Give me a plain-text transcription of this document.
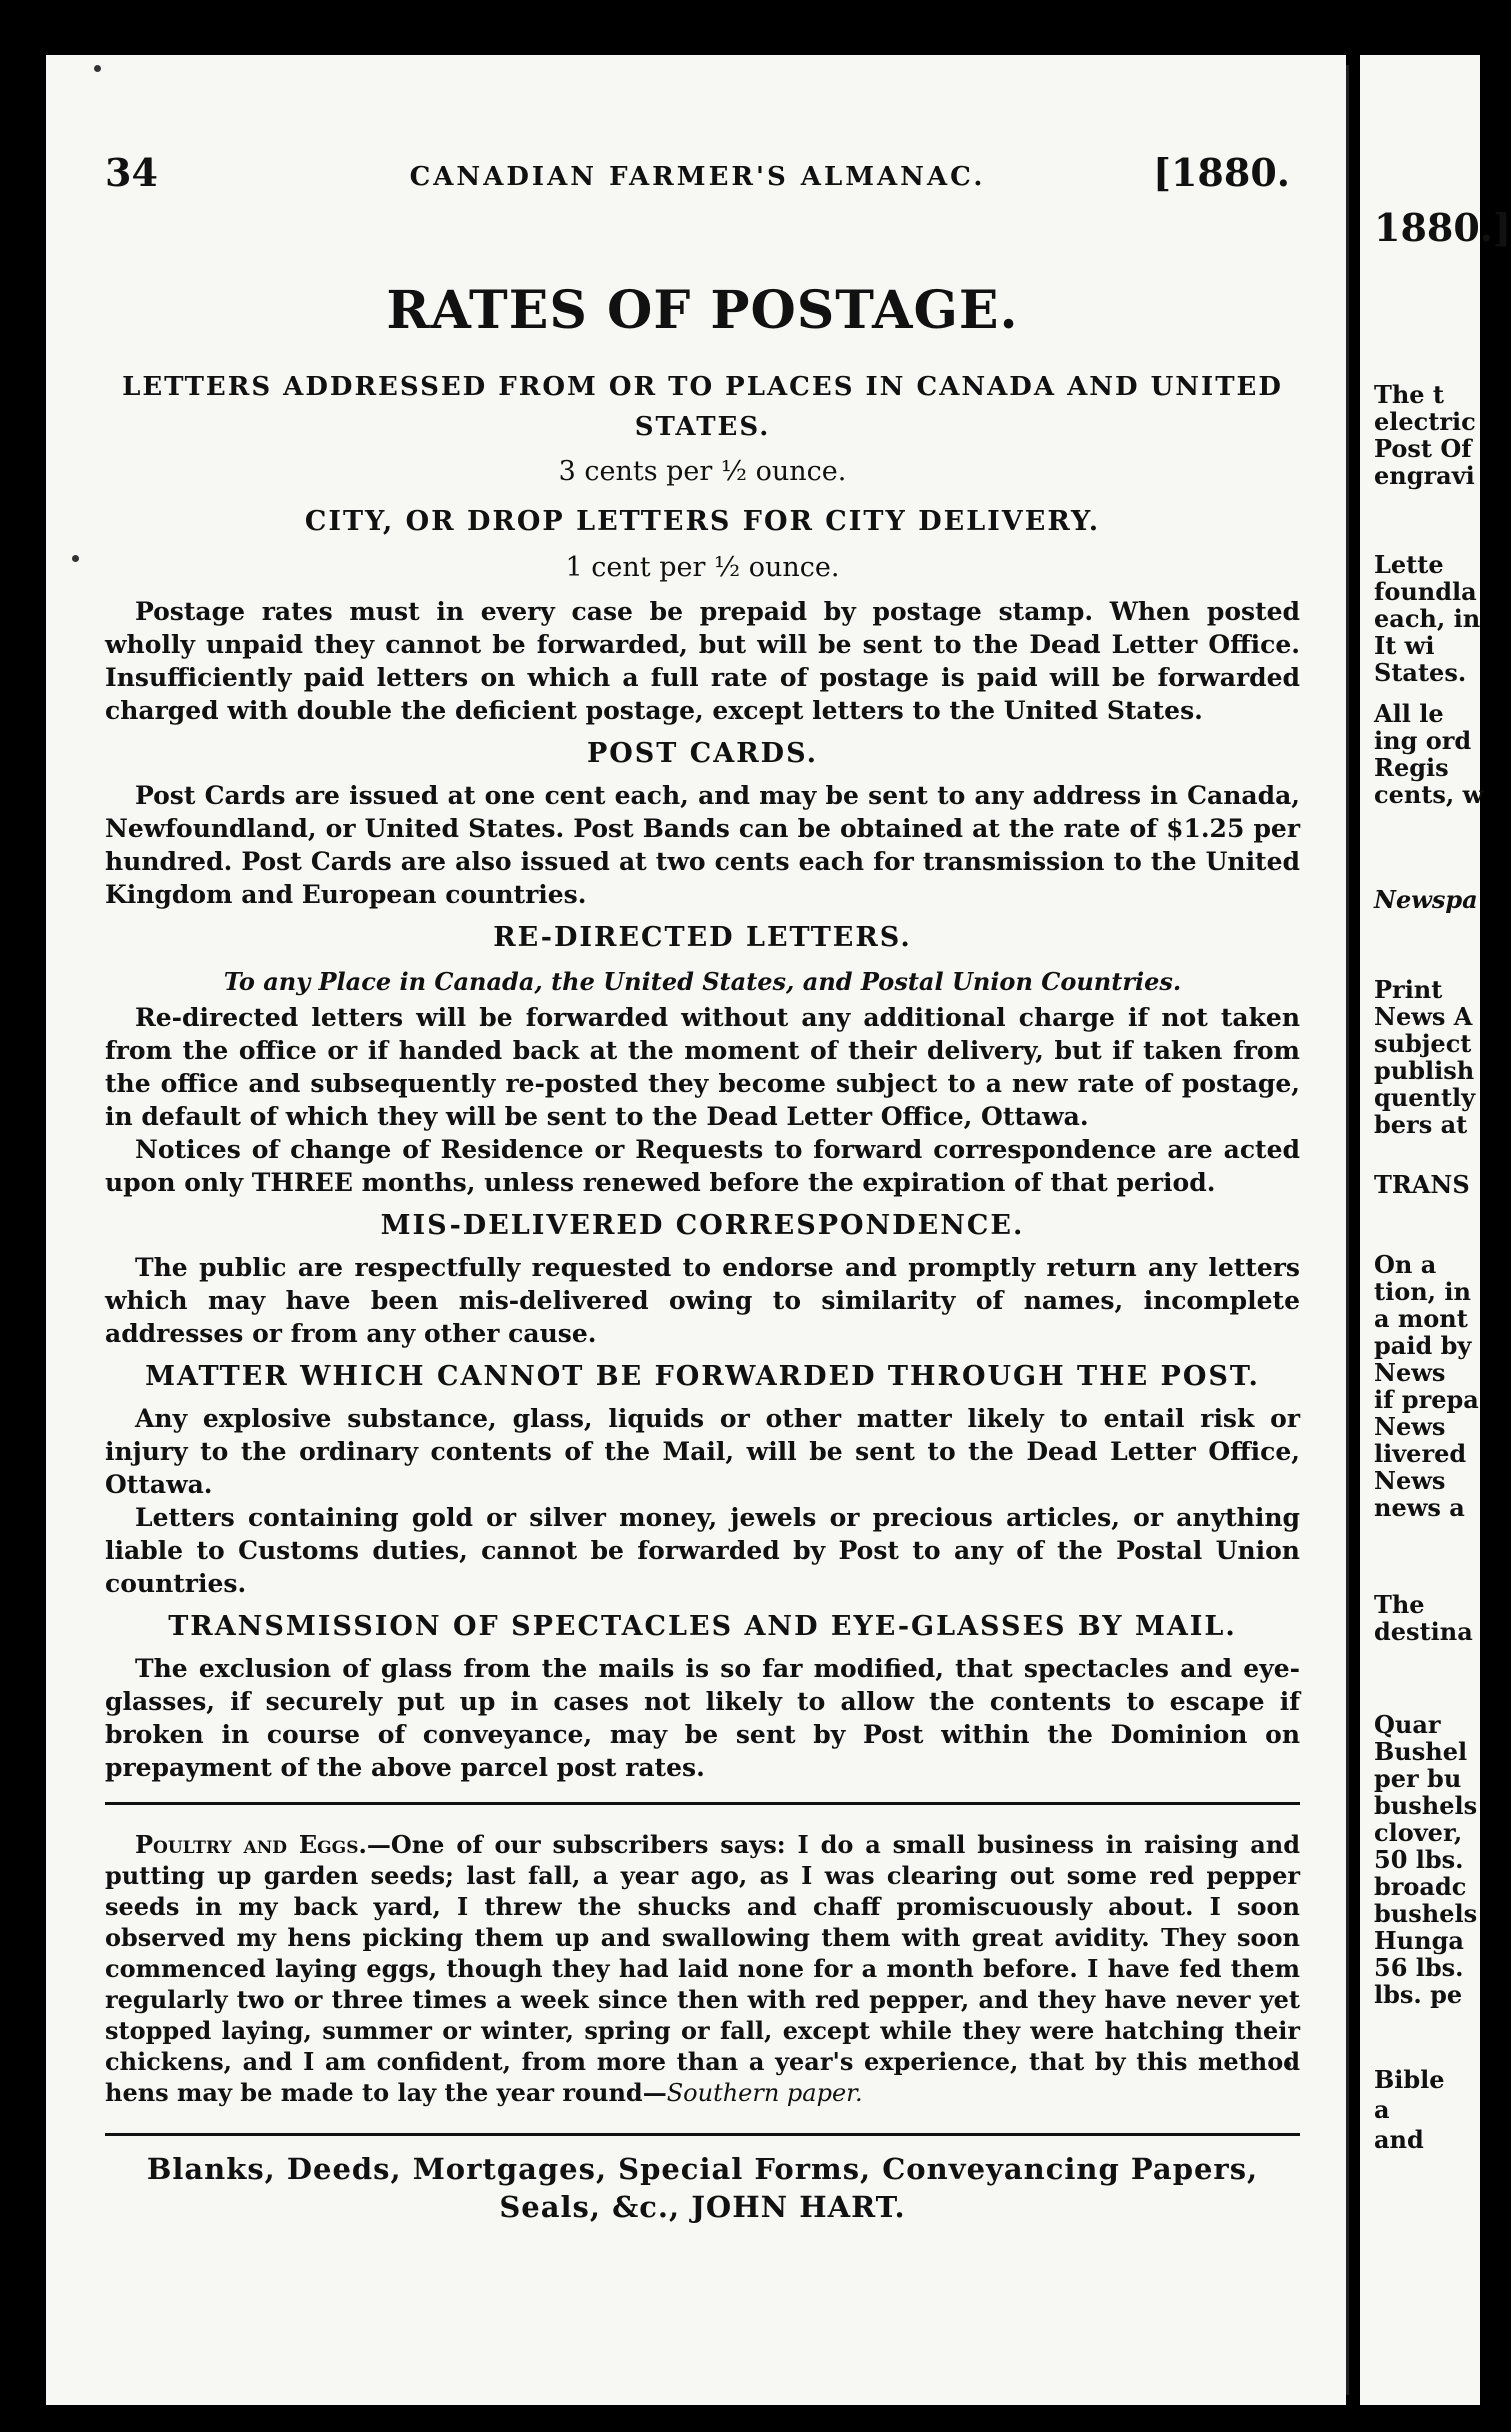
34	CANADIAN FARMER'S ALMANAC.	[1880.
RATES OF POSTAGE.
LETTERS ADDRESSED FROM OR TO PLACES IN CANADA AND UNITED STATES.
3 cents per ½ ounce.
CITY, OR DROP LETTERS FOR CITY DELIVERY.
1 cent per ½ ounce.

Postage rates must in every case be prepaid by postage stamp. When posted wholly unpaid they cannot be forwarded, but will be sent to the Dead Letter Office. Insufficiently paid letters on which a full rate of postage is paid will be forwarded charged with double the deficient postage, except letters to the United States.

POST CARDS.

Post Cards are issued at one cent each, and may be sent to any address in Canada, Newfoundland, or United States. Post Bands can be obtained at the rate of $1.25 per hundred. Post Cards are also issued at two cents each for transmission to the United Kingdom and European countries.

RE-DIRECTED LETTERS.
To any Place in Canada, the United States, and Postal Union Countries.

Re-directed letters will be forwarded without any additional charge if not taken from the office or if handed back at the moment of their delivery, but if taken from the office and subsequently re-posted they become subject to a new rate of postage, in default of which they will be sent to the Dead Letter Office, Ottawa.

Notices of change of Residence or Requests to forward correspondence are acted upon only THREE months, unless renewed before the expiration of that period.

MIS-DELIVERED CORRESPONDENCE.

The public are respectfully requested to endorse and promptly return any letters which may have been mis-delivered owing to similarity of names, incomplete addresses or from any other cause.

MATTER WHICH CANNOT BE FORWARDED THROUGH THE POST.

Any explosive substance, glass, liquids or other matter likely to entail risk or injury to the ordinary contents of the Mail, will be sent to the Dead Letter Office, Ottawa.

Letters containing gold or silver money, jewels or precious articles, or anything liable to Customs duties, cannot be forwarded by Post to any of the Postal Union countries.

TRANSMISSION OF SPECTACLES AND EYE-GLASSES BY MAIL.

The exclusion of glass from the mails is so far modified, that spectacles and eye-glasses, if securely put up in cases not likely to allow the contents to escape if broken in course of conveyance, may be sent by Post within the Dominion on prepayment of the above parcel post rates.

Poultry and Eggs.—One of our subscribers says: I do a small business in raising and putting up garden seeds; last fall, a year ago, as I was clearing out some red pepper seeds in my back yard, I threw the shucks and chaff promiscuously about. I soon observed my hens picking them up and swallowing them with great avidity. They soon commenced laying eggs, though they had laid none for a month before. I have fed them regularly two or three times a week since then with red pepper, and they have never yet stopped laying, summer or winter, spring or fall, except while they were hatching their chickens, and I am confident, from more than a year's experience, that by this method hens may be made to lay the year round—Southern paper.

Blanks, Deeds, Mortgages, Special Forms, Conveyancing Papers,
Seals, &c., JOHN HART.
1880.]
The t
electric
Post Of
engravi
Lette
foundla
each, in
It wi
States.
All le
ing ord
Regis
cents, w
Newspa
Print
News A
subject
publish
quently
bers at
TRANS
On a
tion, in
a mont
paid by
News
if prepa
News
livered
News
news a
The
destina
Quar
Bushel
per bu
bushels
clover,
50 lbs.
broadc
bushels
Hunga
56 lbs.
lbs. pe
Bible
a
and
